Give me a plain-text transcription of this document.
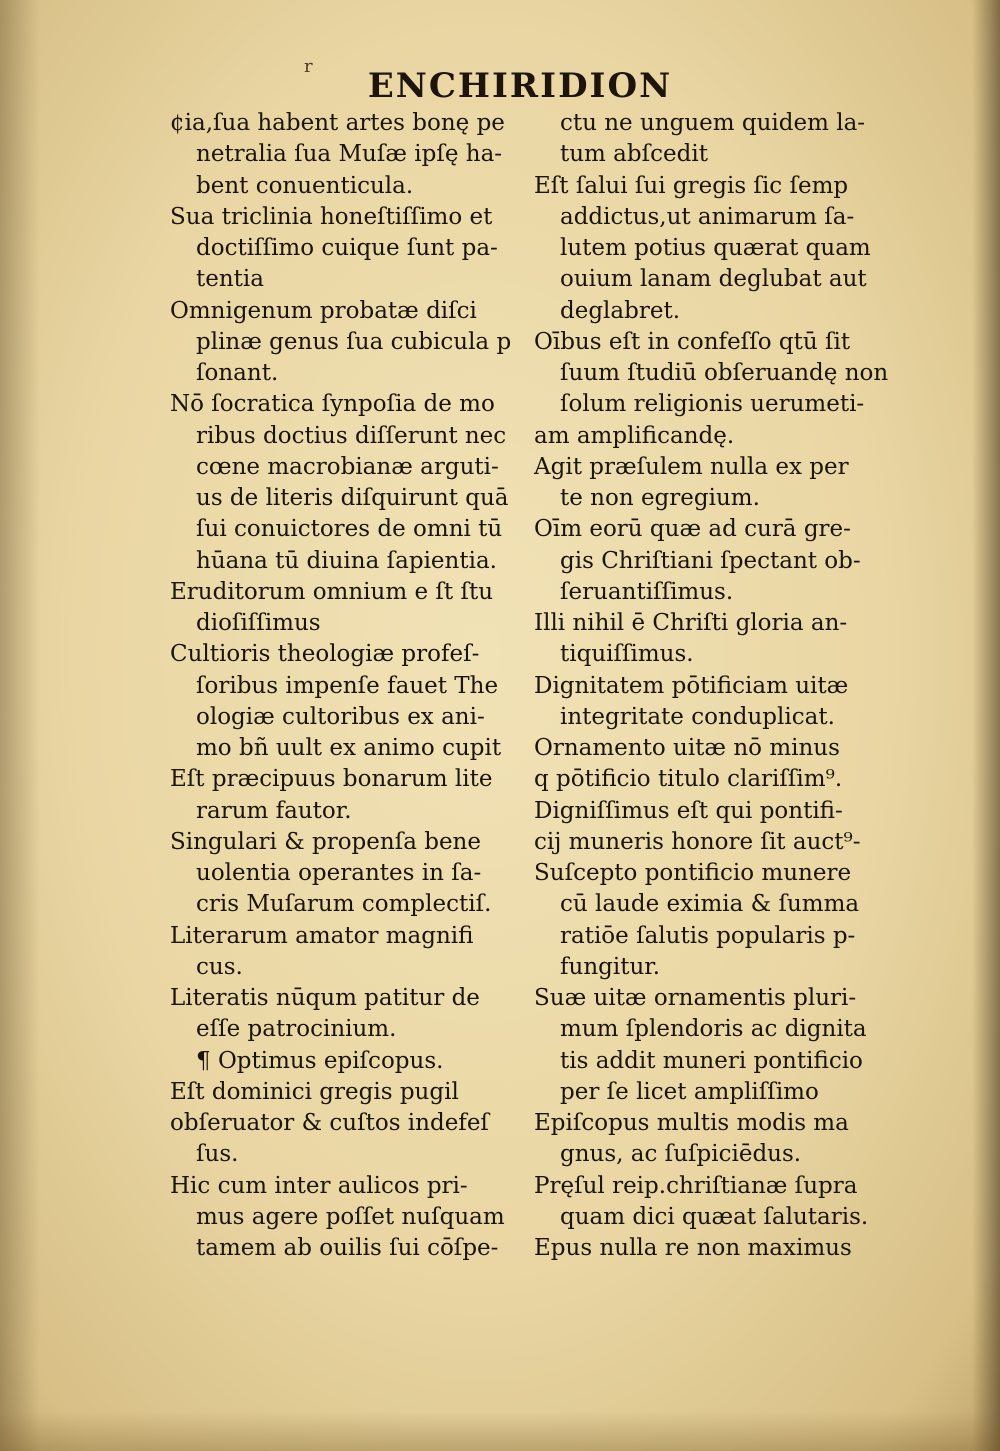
r	ENCHIRIDION
¢ia,ſua habent artes bonę pe
netralia ſua Muſæ ipſę ha-
bent conuenticula.
Sua triclinia honeſtiſſimo et
doctiſſimo cuique ſunt pa-
tentia
Omnigenum probatæ diſci
plinæ genus ſua cubicula p
ſonant.
Nō ſocratica ſynpoſia de mo
ribus doctius diſſerunt nec
cœne macrobianæ arguti-
us de literis diſquirunt quā
ſui conuictores de omni tū
hūana tū diuina ſapientia.
Eruditorum omnium e ſt ſtu
dioſiſſimus
Cultioris theologiæ profeſ-
ſoribus impenſe fauet The
ologiæ cultoribus ex ani-
mo bñ uult ex animo cupit
Eſt præcipuus bonarum lite
rarum fautor.
Singulari & propenſa bene
uolentia operantes in ſa-
cris Muſarum complectiſ.
Literarum amator magnifi
cus.
Literatis nūqum patitur de
eſſe patrocinium.
¶ Optimus epiſcopus.
Eſt dominici gregis pugil
obſeruator & cuſtos indefeſ
ſus.
Hic cum inter aulicos pri-
mus agere poſſet nuſquam
tamem ab ouilis ſui cōſpe-
ctu ne unguem quidem la-
tum abſcedit
Eſt ſalui ſui gregis ſic ſemp
addictus,ut animarum ſa-
lutem potius quærat quam
ouium lanam deglubat aut
deglabret.
Oībus eſt in confeſſo qtū ſit
ſuum ſtudiū obſeruandę non
ſolum religionis uerumeti-
am amplificandę.
Agit præſulem nulla ex per
te non egregium.
Oīm eorū quæ ad curā gre-
gis Chriſtiani ſpectant ob-
ſeruantiſſimus.
Illi nihil ē Chriſti gloria an-
tiquiſſimus.
Dignitatem pōtificiam uitæ
integritate conduplicat.
Ornamento uitæ nō minus
q pōtificio titulo clariſſim⁹.
Digniſſimus eſt qui pontifi-
cij muneris honore ſit auct⁹-
Suſcepto pontificio munere
cū laude eximia & ſumma
ratiōe ſalutis popularis p-
fungitur.
Suæ uitæ ornamentis pluri-
mum ſplendoris ac dignita
tis addit muneri pontificio
per ſe licet ampliſſimo
Epiſcopus multis modis ma
gnus, ac ſuſpiciēdus.
Pręſul reip.chriſtianæ ſupra
quam dici quæat ſalutaris.
Epus nulla re non maximus
